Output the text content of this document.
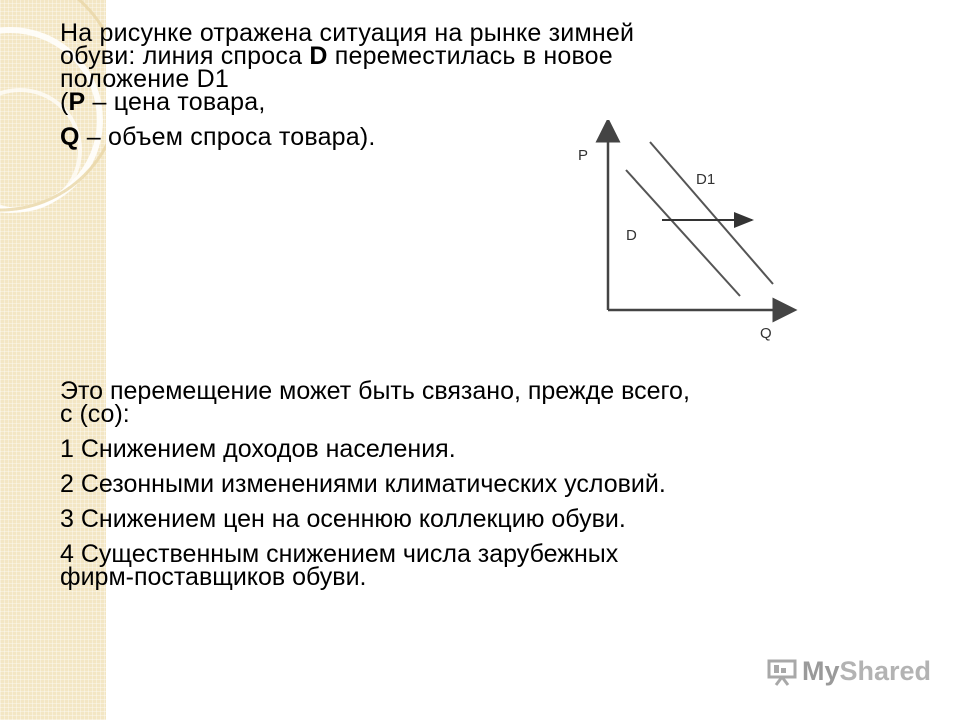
На рисунке отражена ситуация на рынке зимней

обуви: линия спроса D переместилась в новое

положение D1

(P – цена товара,

Q – объем спроса товара).

P
Q
D
D1

Это перемещение может быть связано, прежде всего,
с (со):

1 Снижением доходов населения.

2 Сезонными изменениями климатических условий.

3 Снижением цен на осеннюю коллекцию обуви.

4 Существенным снижением числа зарубежных
фирм-поставщиков обуви.

My Shared
